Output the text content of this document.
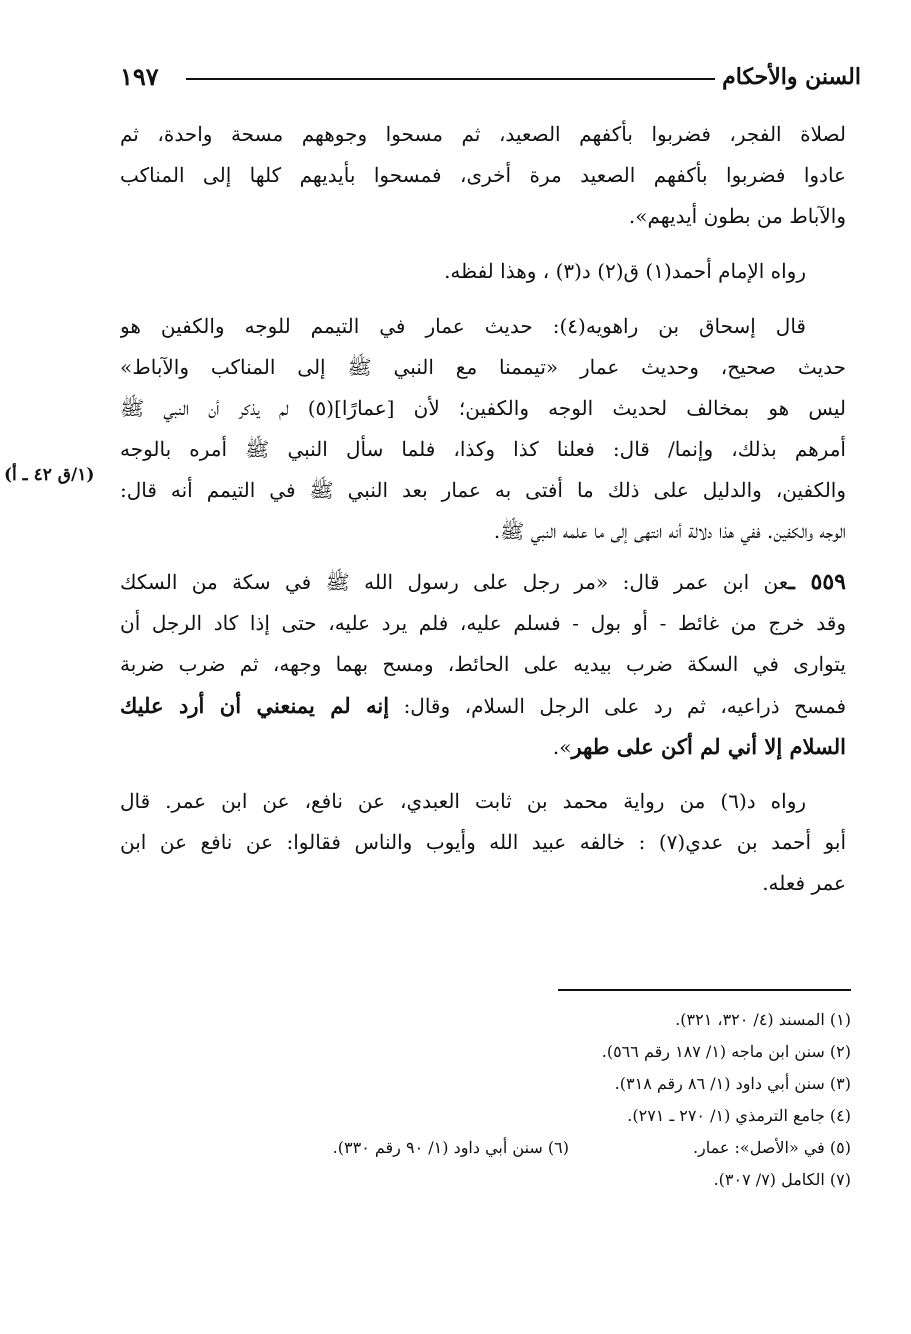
١٩٧	السنن والأحكام
لصلاة الفجر، فضربوا بأكفهم الصعيد، ثم مسحوا وجوههم مسحة واحدة، ثم
عادوا فضربوا بأكفهم الصعيد مرة أخرى، فمسحوا بأيديهم كلها إلى المناكب
والآباط من بطون أيديهم».
رواه الإمام أحمد(١) ق(٢) د(٣) ، وهذا لفظه.
قال إسحاق بن راهويه(٤): حديث عمار في التيمم للوجه والكفين هو
حديث صحيح، وحديث عمار «تيممنا مع النبي ﷺ إلى المناكب والآباط»
ليس هو بمخالف لحديث الوجه والكفين؛ لأن [عمارًا](٥) لم يذكر أن النبي ﷺ
أمرهم بذلك، وإنما/ قال: فعلنا كذا وكذا، فلما سأل النبي ﷺ أمره بالوجه
والكفين، والدليل على ذلك ما أفتى به عمار بعد النبي ﷺ في التيمم أنه قال:
الوجه والكفين. ففي هذا دلالة أنه انتهى إلى ما علمه النبي ﷺ.
٥٥٩ ـعن ابن عمر قال: «مر رجل على رسول الله ﷺ في سكة من السكك
وقد خرج من غائط - أو بول - فسلم عليه، فلم يرد عليه، حتى إذا كاد الرجل أن
يتوارى في السكة ضرب بيديه على الحائط، ومسح بهما وجهه، ثم ضرب ضربة
فمسح ذراعيه، ثم رد على الرجل السلام، وقال: إنه لم يمنعني أن أرد عليك
السلام إلا أني لم أكن على طهر».
رواه د(٦) من رواية محمد بن ثابت العبدي، عن نافع، عن ابن عمر. قال
أبو أحمد بن عدي(٧) : خالفه عبيد الله وأيوب والناس فقالوا: عن نافع عن ابن
عمر فعله.
(١/ق ٤٢ ـ أ)
(١) المسند (٤/ ٣٢٠، ٣٢١).
(٢) سنن ابن ماجه (١/ ١٨٧ رقم ٥٦٦).
(٣) سنن أبي داود (١/ ٨٦ رقم ٣١٨).
(٤) جامع الترمذي (١/ ٢٧٠ ـ ٢٧١).
(٥) في «الأصل»: عمار.
(٦) سنن أبي داود (١/ ٩٠ رقم ٣٣٠).
(٧) الكامل (٧/ ٣٠٧).
